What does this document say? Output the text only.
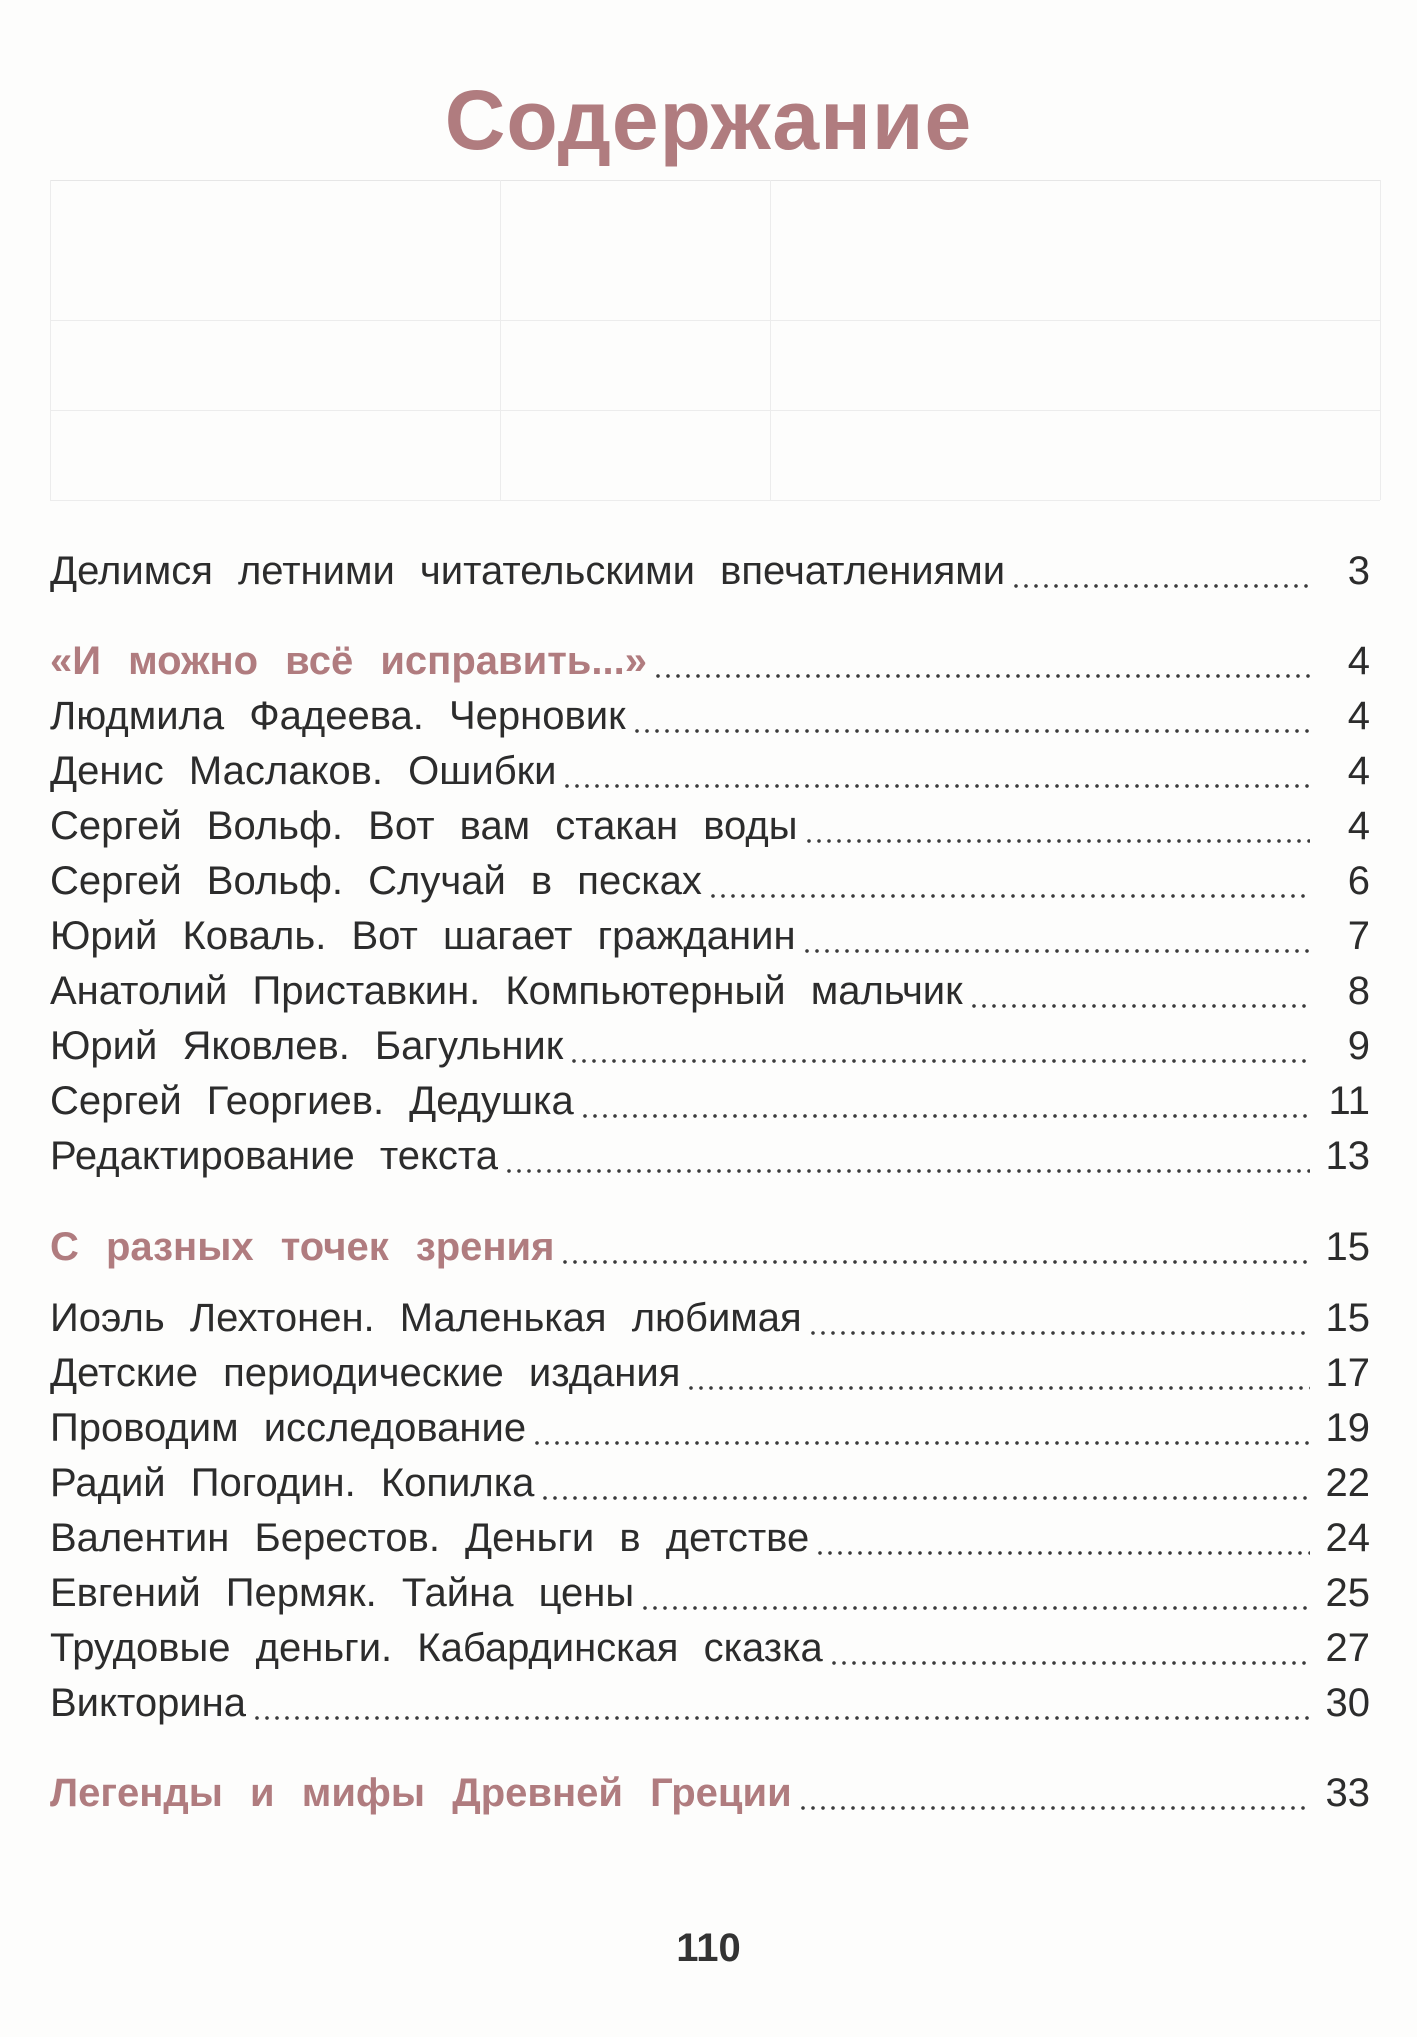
Содержание
Делимся летними читательскими впечатлениями	3
«И можно всё исправить...»	4
Людмила Фадеева. Черновик	4
Денис Маслаков. Ошибки	4
Сергей Вольф. Вот вам стакан воды	4
Сергей Вольф. Случай в песках	6
Юрий Коваль. Вот шагает гражданин	7
Анатолий Приставкин. Компьютерный мальчик	8
Юрий Яковлев. Багульник	9
Сергей Георгиев. Дедушка	11
Редактирование текста	13
С разных точек зрения	15
Иоэль Лехтонен. Маленькая любимая	15
Детские периодические издания	17
Проводим исследование	19
Радий Погодин. Копилка	22
Валентин Берестов. Деньги в детстве	24
Евгений Пермяк. Тайна цены	25
Трудовые деньги. Кабардинская сказка	27
Викторина	30
Легенды и мифы Древней Греции	33
110
